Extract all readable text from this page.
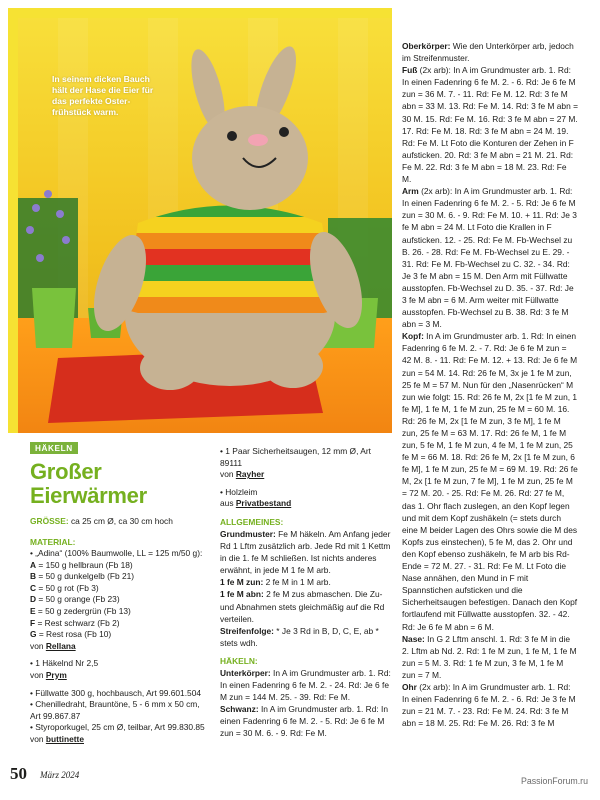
In seinem dicken Bauch hält der Hase die Eier für das perfekte Oster-frühstück warm.
HÄKELN
Großer Eierwärmer
GRÖSSE: ca 25 cm Ø, ca 30 cm hoch
MATERIAL:
• „Adina“ (100% Baumwolle, LL = 125 m/50 g):
A = 150 g hellbraun (Fb 18)
B = 50 g dunkelgelb (Fb 21)
C = 50 g rot (Fb 3)
D = 50 g orange (Fb 23)
E = 50 g zedergrün (Fb 13)
F = Rest schwarz (Fb 2)
G = Rest rosa (Fb 10)
von Rellana
• 1 Häkelnd Nr 2,5
von Prym
• Füllwatte 300 g, hochbausch, Art 99.601.504
• Chenilledraht, Brauntöne, 5 - 6 mm x 50 cm, Art 99.867.87
• Styroporkugel, 25 cm Ø, teilbar, Art 99.830.85
von buttinette
• 1 Paar Sicherheitsaugen, 12 mm Ø, Art 89111
von Rayher
• Holzleim
aus Privatbestand
ALLGEMEINES:
Grundmuster: Fe M häkeln. Am Anfang jeder Rd 1 Lftm zusätzlich arb. Jede Rd mit 1 Kettm in die 1. fe M schließen. Ist nichts anderes erwähnt, in jede M 1 fe M arb.
1 fe M zun: 2 fe M in 1 M arb.
1 fe M abn: 2 fe M zus abmaschen. Die Zu- und Abnahmen stets gleichmäßig auf die Rd verteilen.
Streifenfolge: * Je 3 Rd in B, D, C, E, ab * stets wdh.
HÄKELN:
Unterkörper: In A im Grundmuster arb. 1. Rd: In einen Fadenring 6 fe M. 2. - 24. Rd: Je 6 fe M zun = 144 M. 25. - 39. Rd: Fe M.
Schwanz: In A im Grundmuster arb. 1. Rd: In einen Fadenring 6 fe M. 2. - 5. Rd: Je 6 fe M zun = 30 M. 6. - 9. Rd: Fe M.
Oberkörper: Wie den Unterkörper arb, jedoch im Streifenmuster.
Fuß (2x arb): In A im Grundmuster arb. 1. Rd: In einen Fadenring 6 fe M. 2. - 6. Rd: Je 6 fe M zun = 36 M. 7. - 11. Rd: Fe M. 12. Rd: 3 fe M abn = 33 M. 13. Rd: Fe M. 14. Rd: 3 fe M abn = 30 M. 15. Rd: Fe M. 16. Rd: 3 fe M abn = 27 M. 17. Rd: Fe M. 18. Rd: 3 fe M abn = 24 M. 19. Rd: Fe M. Lt Foto die Konturen der Zehen in F aufsticken. 20. Rd: 3 fe M abn = 21 M. 21. Rd: Fe M. 22. Rd: 3 fe M abn = 18 M. 23. Rd: Fe M.
Arm (2x arb): In A im Grundmuster arb. 1. Rd: In einen Fadenring 6 fe M. 2. - 5. Rd: Je 6 fe M zun = 30 M. 6. - 9. Rd: Fe M. 10. + 11. Rd: Je 3 fe M abn = 24 M. Lt Foto die Krallen in F aufsticken. 12. - 25. Rd: Fe M. Fb-Wechsel zu B. 26. - 28. Rd: Fe M. Fb-Wechsel zu E. 29. - 31. Rd: Fe M. Fb-Wechsel zu C. 32. - 34. Rd: Je 3 fe M abn = 15 M. Den Arm mit Füllwatte ausstopfen. Fb-Wechsel zu D. 35. - 37. Rd: Je 3 fe M abn = 6 M. Arm weiter mit Füllwatte ausstopfen. Fb-Wechsel zu B. 38. Rd: 3 fe M abn = 3 M.
Kopf: In A im Grundmuster arb. 1. Rd: In einen Fadenring 6 fe M. 2. - 7. Rd: Je 6 fe M zun = 42 M. 8. - 11. Rd: Fe M. 12. + 13. Rd: Je 6 fe M zun = 54 M. 14. Rd: 26 fe M, 3x je 1 fe M zun, 25 fe M = 57 M. Nun für den „Nasenrücken“ M zun wie folgt: 15. Rd: 26 fe M, 2x [1 fe M zun, 1 fe M], 1 fe M, 1 fe M zun, 25 fe M = 60 M. 16. Rd: 26 fe M, 2x [1 fe M zun, 3 fe M], 1 fe M zun, 25 fe M = 63 M. 17. Rd: 26 fe M, 1 fe M zun, 5 fe M, 1 fe M zun, 4 fe M, 1 fe M zun, 25 fe M = 66 M. 18. Rd: 26 fe M, 2x [1 fe M zun, 6 fe M], 1 fe M zun, 25 fe M = 69 M. 19. Rd: 26 fe M, 2x [1 fe M zun, 7 fe M], 1 fe M zun, 25 fe M = 72 M. 20. - 25. Rd: Fe M. 26. Rd: 27 fe M, das 1. Ohr flach zuslegen, an den Kopf legen und mit dem Kopf zushäkeln (= stets durch eine M beider Lagen des Ohrs sowie die M des Kopfs zus einstechen), 5 fe M, das 2. Ohr und den Kopf ebenso zushäkeln, fe M arb bis Rd-Ende = 72 M. 27. - 31. Rd: Fe M. Lt Foto die Nase annähen, den Mund in F mit Spannstichen aufsticken und die Sicherheitsaugen befestigen. Danach den Kopf fortlaufend mit Füllwatte ausstopfen. 32. - 42. Rd: Je 6 fe M abn = 6 M.
Nase: In G 2 Lftm anschl. 1. Rd: 3 fe M in die 2. Lftm ab Nd. 2. Rd: 1 fe M zun, 1 fe M, 1 fe M zun = 5 M. 3. Rd: 1 fe M zun, 3 fe M, 1 fe M zun = 7 M.
Ohr (2x arb): In A im Grundmuster arb. 1. Rd: In einen Fadenring 6 fe M. 2. - 6. Rd: Je 3 fe M zun = 21 M. 7. - 23. Rd: Fe M. 24. Rd: 3 fe M abn = 18 M. 25. Rd: Fe M. 26. Rd: 3 fe M
50 März 2024
PassionForum.ru
